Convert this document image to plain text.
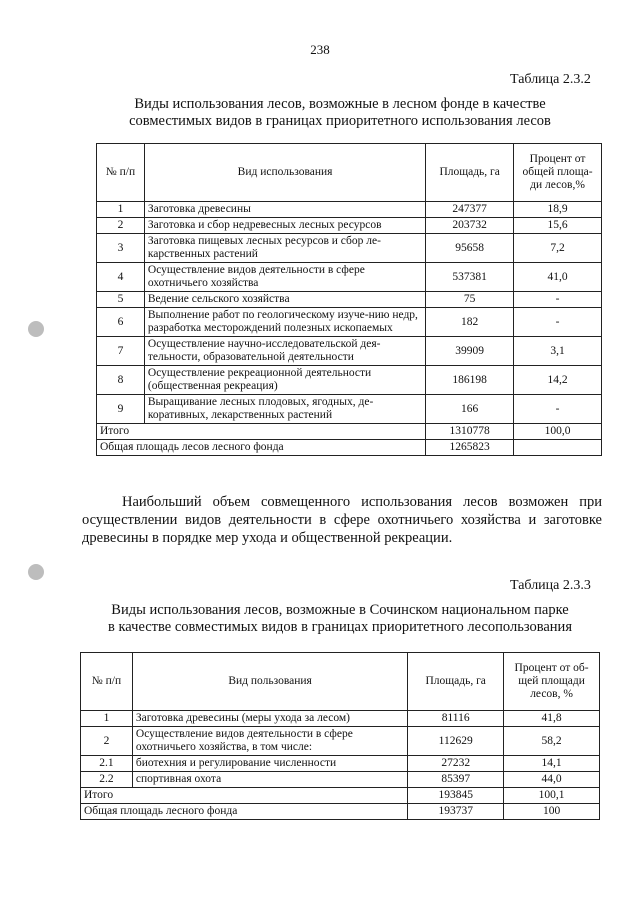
238
Таблица 2.3.2
Виды использования лесов, возможные в лесном фонде в качестве
совместимых видов в границах приоритетного использования лесов
№ п/п	Вид использования	Площадь, га	Процент от общей площа-ди лесов,%
1	Заготовка древесины	247377	18,9
2	Заготовка и сбор недревесных лесных ресурсов	203732	15,6
3	Заготовка пищевых лесных ресурсов и сбор ле-карственных растений	95658	7,2
4	Осуществление видов деятельности в сфере охотничьего хозяйства	537381	41,0
5	Ведение сельского хозяйства	75	-
6	Выполнение работ по геологическому изуче-нию недр, разработка месторождений полезных ископаемых	182	-
7	Осуществление научно-исследовательской дея-тельности, образовательной деятельности	39909	3,1
8	Осуществление рекреационной деятельности (общественная рекреация)	186198	14,2
9	Выращивание лесных плодовых, ягодных, де-коративных, лекарственных растений	166	-
Итого		1310778	100,0
Общая площадь лесов лесного фонда		1265823	
Наибольший объем совмещенного использования лесов возможен при осуществлении видов деятельности в сфере охотничьего хозяйства и заготовке древесины в порядке мер ухода и общественной рекреации.
Таблица 2.3.3
Виды использования лесов, возможные в Сочинском национальном парке
в качестве совместимых видов в границах приоритетного лесопользования
№ п/п	Вид пользования	Площадь, га	Процент от об-щей площади лесов, %
1	Заготовка древесины (меры ухода за лесом)	81116	41,8
2	Осуществление видов деятельности в сфере охотничьего хозяйства, в том числе:	112629	58,2
2.1	биотехния и регулирование численности	27232	14,1
2.2	спортивная охота	85397	44,0
Итого		193845	100,1
Общая площадь лесного фонда		193737	100
